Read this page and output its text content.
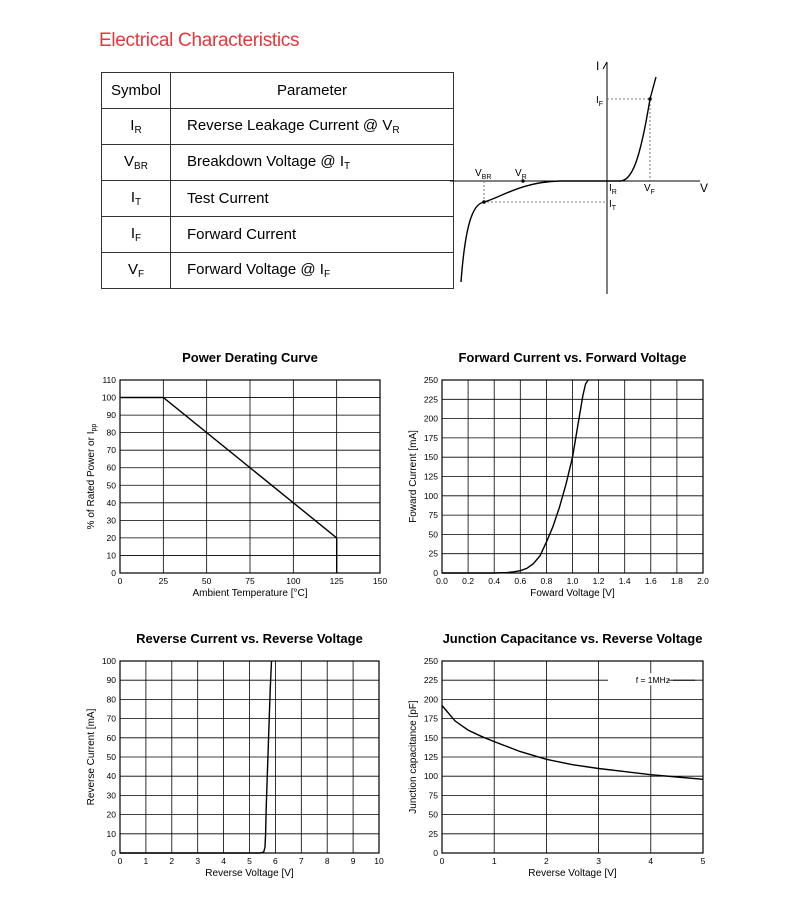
Electrical Characteristics
Symbol	Parameter
$I_R$	Reverse Leakage Current @ $V_R$
$V_{BR}$	Breakdown Voltage @ $I_T$
$I_T$	Test Current
$I_F$	Forward Current
$V_F$	Forward Voltage @ $I_F$
I
V
$I_F$
$V_{BR}$ $V_R$
$I_R$	$V_F$
$I_T$
Power Derating Curve
0	25	50	75	100	125	150
0
10
20
30
40
50
60
70
80
90
100
110
Ambient Temperature [°C]
% of Rated Power or $I_{pp}$
Forward Current vs. Forward Voltage
0.0 0.2 0.4 0.6 0.8 1.0 1.2 1.4 1.6 1.8 2.0
0
25
50
75
100
125
150
175
200
225
250
Foward Voltage [V]
Foward Current [mA]
Reverse Current vs. Reverse Voltage
0 1 2 3 4 5 6 7 8 9 10
0
10
20
30
40
50
60
70
80
90
100
Reverse Voltage [V]
Reverse Current [mA]
Junction Capacitance vs. Reverse Voltage
0	1	2	3	4	5
0
25
50
75
100
125
150
175
200
225
250
Reverse Voltage [V]
Junction capacitance [pF]
f = 1MHz
